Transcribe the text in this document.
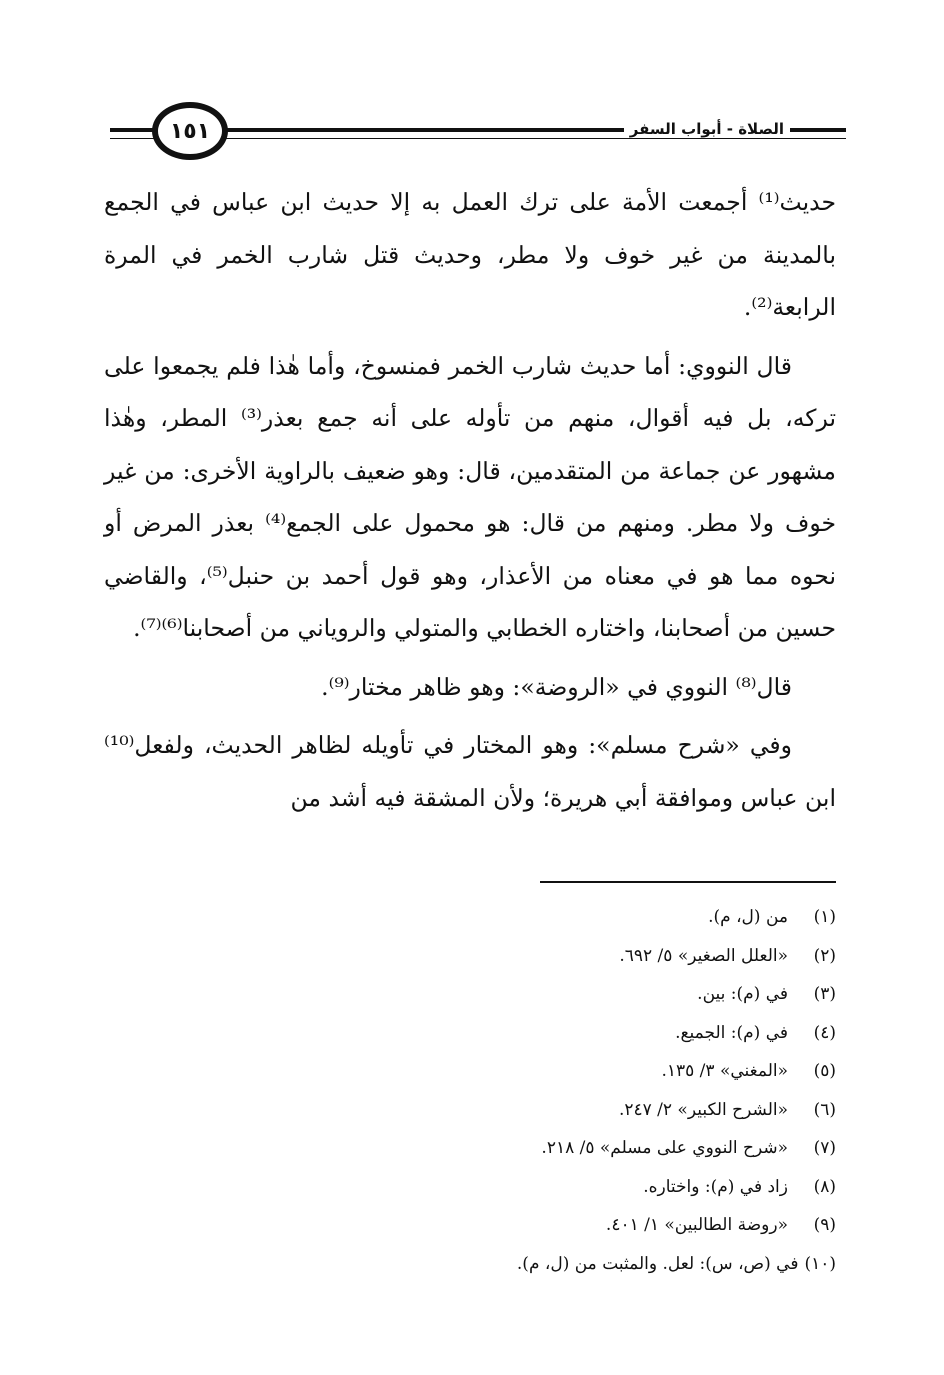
١٥١	الصلاة - أبواب السفر

حديث⁽¹⁾ أجمعت الأمة على ترك العمل به إلا حديث ابن عباس في الجمع بالمدينة من غير خوف ولا مطر، وحديث قتل شارب الخمر في المرة الرابعة⁽²⁾.

قال النووي: أما حديث شارب الخمر فمنسوخ، وأما هٰذا فلم يجمعوا على تركه، بل فيه أقوال، منهم من تأوله على أنه جمع بعذر⁽³⁾ المطر، وهٰذا مشهور عن جماعة من المتقدمين، قال: وهو ضعيف بالراوية الأخرى: من غير خوف ولا مطر. ومنهم من قال: هو محمول على الجمع⁽⁴⁾ بعذر المرض أو نحوه مما هو في معناه من الأعذار، وهو قول أحمد بن حنبل⁽⁵⁾، والقاضي حسين من أصحابنا، واختاره الخطابي والمتولي والروياني من أصحابنا⁽⁶⁾⁽⁷⁾.

قال⁽⁸⁾ النووي في «الروضة»: وهو ظاهر مختار⁽⁹⁾.

وفي «شرح مسلم»: وهو المختار في تأويله لظاهر الحديث، ولفعل⁽¹⁰⁾ ابن عباس وموافقة أبي هريرة؛ ولأن المشقة فيه أشد من

(١)من (ل، م).
(٢)«العلل الصغير» ٥/ ٦٩٢.
(٣)في (م): بين.
(٤)في (م): الجميع.
(٥)«المغني» ٣/ ١٣٥.
(٦)«الشرح الكبير» ٢/ ٢٤٧.
(٧)«شرح النووي على مسلم» ٥/ ٢١٨.
(٨)زاد في (م): واختاره.
(٩)«روضة الطالبين» ١/ ٤٠١.
(١٠)في (ص، س): لعل. والمثبت من (ل، م).
